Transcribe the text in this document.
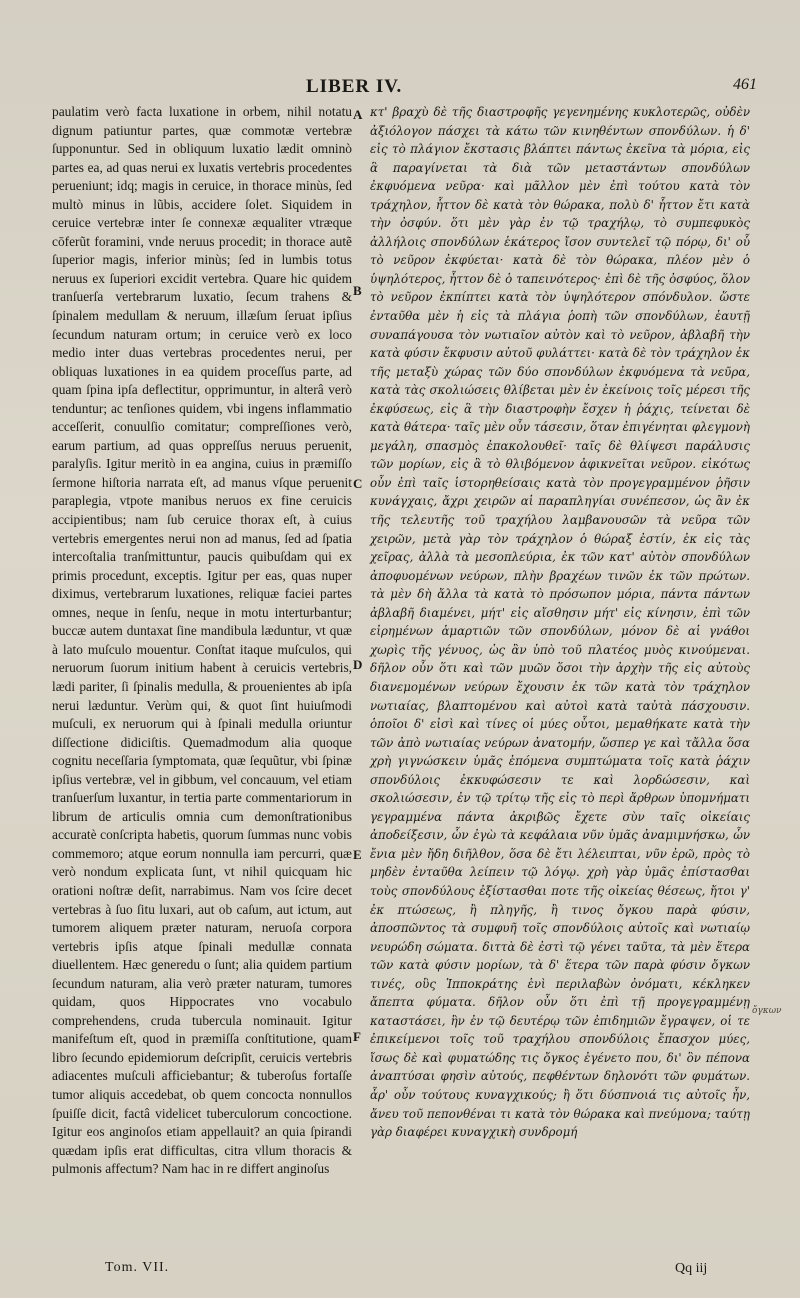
LIBER IV.	461

paulatim verò facta luxatione in orbem, nihil notatu dignum patiuntur partes, quæ commotæ vertebræ ſupponuntur. Sed in obliquum luxatio lædit omninò partes ea, ad quas nerui ex luxatis vertebris procedentes perueniunt; idq; magis in ceruice, in thorace minùs, ſed multò minus in lũbis, accidere ſolet. Siquidem in ceruice vertebræ inter ſe connexæ æqualiter vtræque cōferũt foramini, vnde neruus procedit; in thorace autẽ ſuperior magis, inferior minùs; ſed in lumbis totus neruus ex ſuperiori excidit vertebra. Quare hic quidem tranſuerſa vertebrarum luxatio, ſecum trahens & ſpinalem medullam & neruum, illæſum ſeruat ipſius ſecundum naturam ortum; in ceruice verò ex loco medio inter duas vertebras procedentes nerui, per obliquas luxationes in ea quidem proceſſus parte, ad quam ſpina ipſa deflectitur, opprimuntur, in alterâ verò tenduntur; ac tenſiones quidem, vbi ingens inflammatio acceſſerit, conuulſio comitatur; compreſſiones verò, earum partium, ad quas oppreſſus neruus peruenit, paralyſis. Igitur meritò in ea angina, cuius in præmiſſo ſermone hiſtoria narrata eſt, ad manus vſque peruenit paraplegia, vtpote manibus neruos ex fine ceruicis accipientibus; nam ſub ceruice thorax eſt, à cuius vertebris emergentes nerui non ad manus, ſed ad ſpatia intercoſtalia tranſmittuntur, paucis quibuſdam qui ex primis procedunt, exceptis. Igitur per eas, quas nuper diximus, vertebrarum luxationes, reliquæ faciei partes omnes, neque in ſenſu, neque in motu interturbantur; buccæ autem duntaxat ſine mandibula læduntur, vt quæ à lato muſculo mouentur. Conſtat itaque muſculos, qui neruorum ſuorum initium habent à ceruicis vertebris, lædi pariter, ſi ſpinalis medulla, & prouenientes ab ipſa nerui læduntur. Verùm qui, & quot ſint huiuſmodi muſculi, ex neruorum qui à ſpinali medulla oriuntur diſſectione didiciſtis. Quemadmodum alia quoque cognitu neceſſaria ſymptomata, quæ ſequũtur, vbi ſpinæ ipſius vertebræ, vel in gibbum, vel concauum, vel etiam tranſuerſum luxantur, in tertia parte commentariorum in librum de articulis omnia cum demonſtrationibus accuratè conſcripta habetis, quorum ſummas nunc vobis commemoro; atque eorum nonnulla iam percurri, quæ verò nondum explicata ſunt, vt nihil quicquam hic orationi noſtræ deſit, narrabimus. Nam vos ſcire decet vertebras à ſuo ſitu luxari, aut ob caſum, aut ictum, aut tumorem aliquem præter naturam, neruoſa corpora vertebris ipſis atque ſpinali medullæ connata diuellentem. Hæc generedu o ſunt; alia quidem partium ſecundum naturam, alia verò præter naturam, tumores quidam, quos Hippocrates vno vocabulo comprehendens, cruda tubercula nominauit. Igitur manifeſtum eſt, quod in præmiſſa conſtitutione, quam libro ſecundo epidemiorum deſcripſit, ceruicis vertebris adiacentes muſculi afficiebantur; & tuberoſus fortaſſe tumor aliquis accedebat, ob quem concocta nonnullos ſpuiſſe dicit, factâ videlicet tuberculorum concoctione. Igitur eos anginoſos etiam appellauit? an quia ſpirandi quædam ipſis erat difficultas, citra vllum thoracis & pulmonis affectum? Nam hac in re differt anginoſus

A
B
C
D
E
F

κτ' βραχὺ δὲ τῆς διαστροφῆς γεγενημένης κυκλοτερῶς, οὐδὲν ἀξιόλογον πάσχει τὰ κάτω τῶν κινηθέντων σπονδύλων. ἡ δ' εἰς τὸ πλάγιον ἔκστασις βλάπτει πάντως ἐκεῖνα τὰ μόρια, εἰς ἃ παραγίνεται τὰ διὰ τῶν μεταστάντων σπονδύλων ἐκφυόμενα νεῦρα· καὶ μᾶλλον μὲν ἐπὶ τούτου κατὰ τὸν τράχηλον, ἧττον δὲ κατὰ τὸν θώρακα, πολὺ δ' ἧττον ἔτι κατὰ τὴν ὀσφύν. ὅτι μὲν γὰρ ἐν τῷ τραχήλῳ, τὸ συμπεφυκὸς ἀλλήλοις σπονδύλων ἑκάτερος ἴσον συντελεῖ τῷ πόρῳ, δι' οὗ τὸ νεῦρον ἐκφύεται· κατὰ δὲ τὸν θώρακα, πλέον μὲν ὁ ὑψηλότερος, ἧττον δὲ ὁ ταπεινότερος· ἐπὶ δὲ τῆς ὀσφύος, ὅλον τὸ νεῦρον ἐκπίπτει κατὰ τὸν ὑψηλότερον σπόνδυλον. ὥστε ἐνταῦθα μὲν ἡ εἰς τὰ πλάγια ῥοπὴ τῶν σπονδύλων, ἑαυτῇ συναπάγουσα τὸν νωτιαῖον αὐτὸν καὶ τὸ νεῦρον, ἀβλαβῆ τὴν κατὰ φύσιν ἔκφυσιν αὐτοῦ φυλάττει· κατὰ δὲ τὸν τράχηλον ἐκ τῆς μεταξὺ χώρας τῶν δύο σπονδύλων ἐκφυόμενα τὰ νεῦρα, κατὰ τὰς σκολιώσεις θλίβεται μὲν ἐν ἐκείνοις τοῖς μέρεσι τῆς ἐκφύσεως, εἰς ἃ τὴν διαστροφὴν ἔσχεν ἡ ῥάχις, τείνεται δὲ κατὰ θάτερα· ταῖς μὲν οὖν τάσεσιν, ὅταν ἐπιγένηται φλεγμονὴ μεγάλη, σπασμὸς ἐπακολουθεῖ· ταῖς δὲ θλίψεσι παράλυσις τῶν μορίων, εἰς ἃ τὸ θλιβόμενον ἀφικνεῖται νεῦρον. εἰκότως οὖν ἐπὶ ταῖς ἱστορηθείσαις κατὰ τὸν προγεγραμμένον ῥῆσιν κυνάγχαις, ἄχρι χειρῶν αἱ παραπληγίαι συνέπεσον, ὡς ἂν ἐκ τῆς τελευτῆς τοῦ τραχήλου λαμβανουσῶν τὰ νεῦρα τῶν χειρῶν, μετὰ γὰρ τὸν τράχηλον ὁ θώραξ ἐστίν, ἐκ εἰς τὰς χεῖρας, ἀλλὰ τὰ μεσοπλεύρια, ἐκ τῶν κατ' αὐτὸν σπονδύλων ἀποφυομένων νεύρων, πλὴν βραχέων τινῶν ἐκ τῶν πρώτων. τὰ μὲν δὴ ἄλλα τὰ κατὰ τὸ πρόσωπον μόρια, πάντα πάντων ἀβλαβῆ διαμένει, μήτ' εἰς αἴσθησιν μήτ' εἰς κίνησιν, ἐπὶ τῶν εἰρημένων ἁμαρτιῶν τῶν σπονδύλων, μόνον δὲ αἱ γνάθοι χωρὶς τῆς γένυος, ὡς ἂν ὑπὸ τοῦ πλατέος μυὸς κινούμεναι. δῆλον οὖν ὅτι καὶ τῶν μυῶν ὅσοι τὴν ἀρχὴν τῆς εἰς αὐτοὺς διανεμομένων νεύρων ἔχουσιν ἐκ τῶν κατὰ τὸν τράχηλον νωτιαίας, βλαπτομένου καὶ αὐτοὶ κατὰ ταὐτὰ πάσχουσιν. ὁποῖοι δ' εἰσὶ καὶ τίνες οἱ μύες οὗτοι, μεμαθήκατε κατὰ τὴν τῶν ἀπὸ νωτιαίας νεύρων ἀνατομήν, ὥσπερ γε καὶ τἄλλα ὅσα χρὴ γιγνώσκειν ὑμᾶς ἑπόμενα συμπτώματα τοῖς κατὰ ῥάχιν σπονδύλοις ἐκκυφώσεσιν τε καὶ λορδώσεσιν, καὶ σκολιώσεσιν, ἐν τῷ τρίτῳ τῆς εἰς τὸ περὶ ἄρθρων ὑπομνήματι γεγραμμένα πάντα ἀκριβῶς ἔχετε σὺν ταῖς οἰκείαις ἀποδείξεσιν, ὧν ἐγὼ τὰ κεφάλαια νῦν ὑμᾶς ἀναμιμνήσκω, ὧν ἔνια μὲν ἤδη διῆλθον, ὅσα δὲ ἔτι λέλειπται, νῦν ἐρῶ, πρὸς τὸ μηδὲν ἐνταῦθα λείπειν τῷ λόγῳ. χρὴ γὰρ ὑμᾶς ἐπίστασθαι τοὺς σπονδύλους ἐξίστασθαι ποτε τῆς οἰκείας θέσεως, ἤτοι γ' ἐκ πτώσεως, ἢ πληγῆς, ἢ τινος ὄγκου παρὰ φύσιν, ἀποσπῶντος τὰ συμφυῆ τοῖς σπονδύλοις αὐτοῖς καὶ νωτιαίῳ νευρώδη σώματα. διττὰ δὲ ἐστὶ τῷ γένει ταῦτα, τὰ μὲν ἕτερα τῶν κατὰ φύσιν μορίων, τὰ δ' ἕτερα τῶν παρὰ φύσιν ὄγκων τινές, οὓς Ἱπποκράτης ἑνὶ περιλαβὼν ὀνόματι, κέκληκεν ἄπεπτα φύματα. δῆλον οὖν ὅτι ἐπὶ τῇ προγεγραμμένῃ καταστάσει, ἣν ἐν τῷ δευτέρῳ τῶν ἐπιδημιῶν ἔγραψεν, οἱ τε ἐπικείμενοι τοῖς τοῦ τραχήλου σπονδύλοις ἔπασχον μύες, ἴσως δὲ καὶ φυματώδης τις ὄγκος ἐγένετο που, δι' ὃν πέπονα ἀναπτύσαι φησὶν αὐτούς, πεφθέντων δηλονότι τῶν φυμάτων. ἆρ' οὖν τούτους κυναγχικούς; ἢ ὅτι δύσπνοιά τις αὐτοῖς ἦν, ἄνευ τοῦ πεπονθέναι τι κατὰ τὸν θώρακα καὶ πνεύμονα; ταύτῃ γὰρ διαφέρει κυναγχικὴ συνδρομή

ὄγκων
Tom. VII.	Qq iij
